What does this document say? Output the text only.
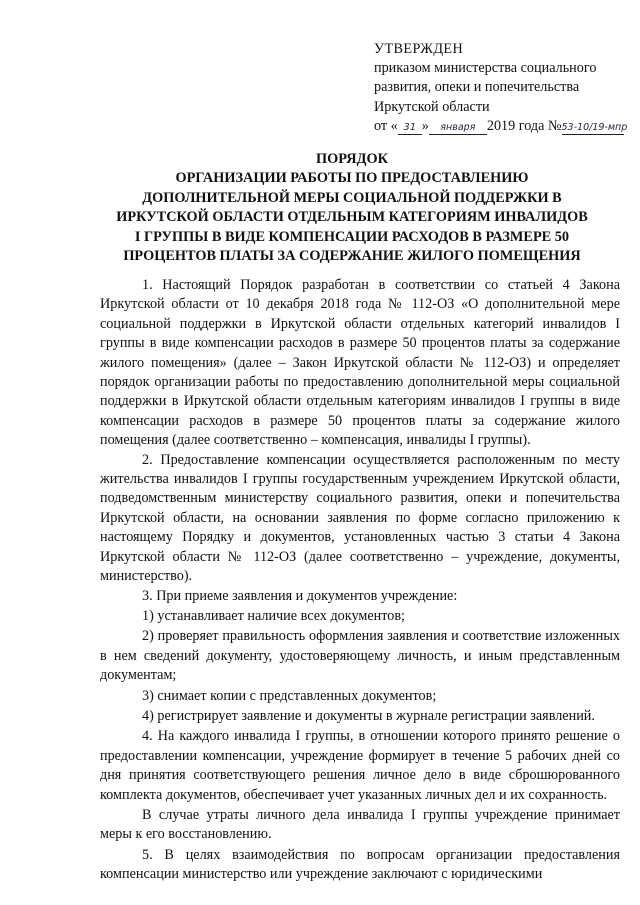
УТВЕРЖДЕН
приказом министерства социального
развития, опеки и попечительства
Иркутской области
от « 31 » января 2019 года №53-10/19-мпр
ПОРЯДОК
ОРГАНИЗАЦИИ РАБОТЫ ПО ПРЕДОСТАВЛЕНИЮ
ДОПОЛНИТЕЛЬНОЙ МЕРЫ СОЦИАЛЬНОЙ ПОДДЕРЖКИ В
ИРКУТСКОЙ ОБЛАСТИ ОТДЕЛЬНЫМ КАТЕГОРИЯМ ИНВАЛИДОВ
I ГРУППЫ В ВИДЕ КОМПЕНСАЦИИ РАСХОДОВ В РАЗМЕРЕ 50
ПРОЦЕНТОВ ПЛАТЫ ЗА СОДЕРЖАНИЕ ЖИЛОГО ПОМЕЩЕНИЯ

1. Настоящий Порядок разработан в соответствии со статьей 4 Закона Иркутской области от 10 декабря 2018 года № 112-ОЗ «О дополнительной мере социальной поддержки в Иркутской области отдельных категорий инвалидов I группы в виде компенсации расходов в размере 50 процентов платы за содержание жилого помещения» (далее – Закон Иркутской области № 112-ОЗ) и определяет порядок организации работы по предоставлению дополнительной меры социальной поддержки в Иркутской области отдельным категориям инвалидов I группы в виде компенсации расходов в размере 50 процентов платы за содержание жилого помещения (далее соответственно – компенсация, инвалиды I группы).

2. Предоставление компенсации осуществляется расположенным по месту жительства инвалидов I группы государственным учреждением Иркутской области, подведомственным министерству социального развития, опеки и попечительства Иркутской области, на основании заявления по форме согласно приложению к настоящему Порядку и документов, установленных частью 3 статьи 4 Закона Иркутской области № 112-ОЗ (далее соответственно – учреждение, документы, министерство).

3. При приеме заявления и документов учреждение:

1) устанавливает наличие всех документов;

2) проверяет правильность оформления заявления и соответствие изложенных в нем сведений документу, удостоверяющему личность, и иным представленным документам;

3) снимает копии с представленных документов;

4) регистрирует заявление и документы в журнале регистрации заявлений.

4. На каждого инвалида I группы, в отношении которого принято решение о предоставлении компенсации, учреждение формирует в течение 5 рабочих дней со дня принятия соответствующего решения личное дело в виде сброшюрованного комплекта документов, обеспечивает учет указанных личных дел и их сохранность.

В случае утраты личного дела инвалида I группы учреждение принимает меры к его восстановлению.

5. В целях взаимодействия по вопросам организации предоставления компенсации министерство или учреждение заключают с юридическими
